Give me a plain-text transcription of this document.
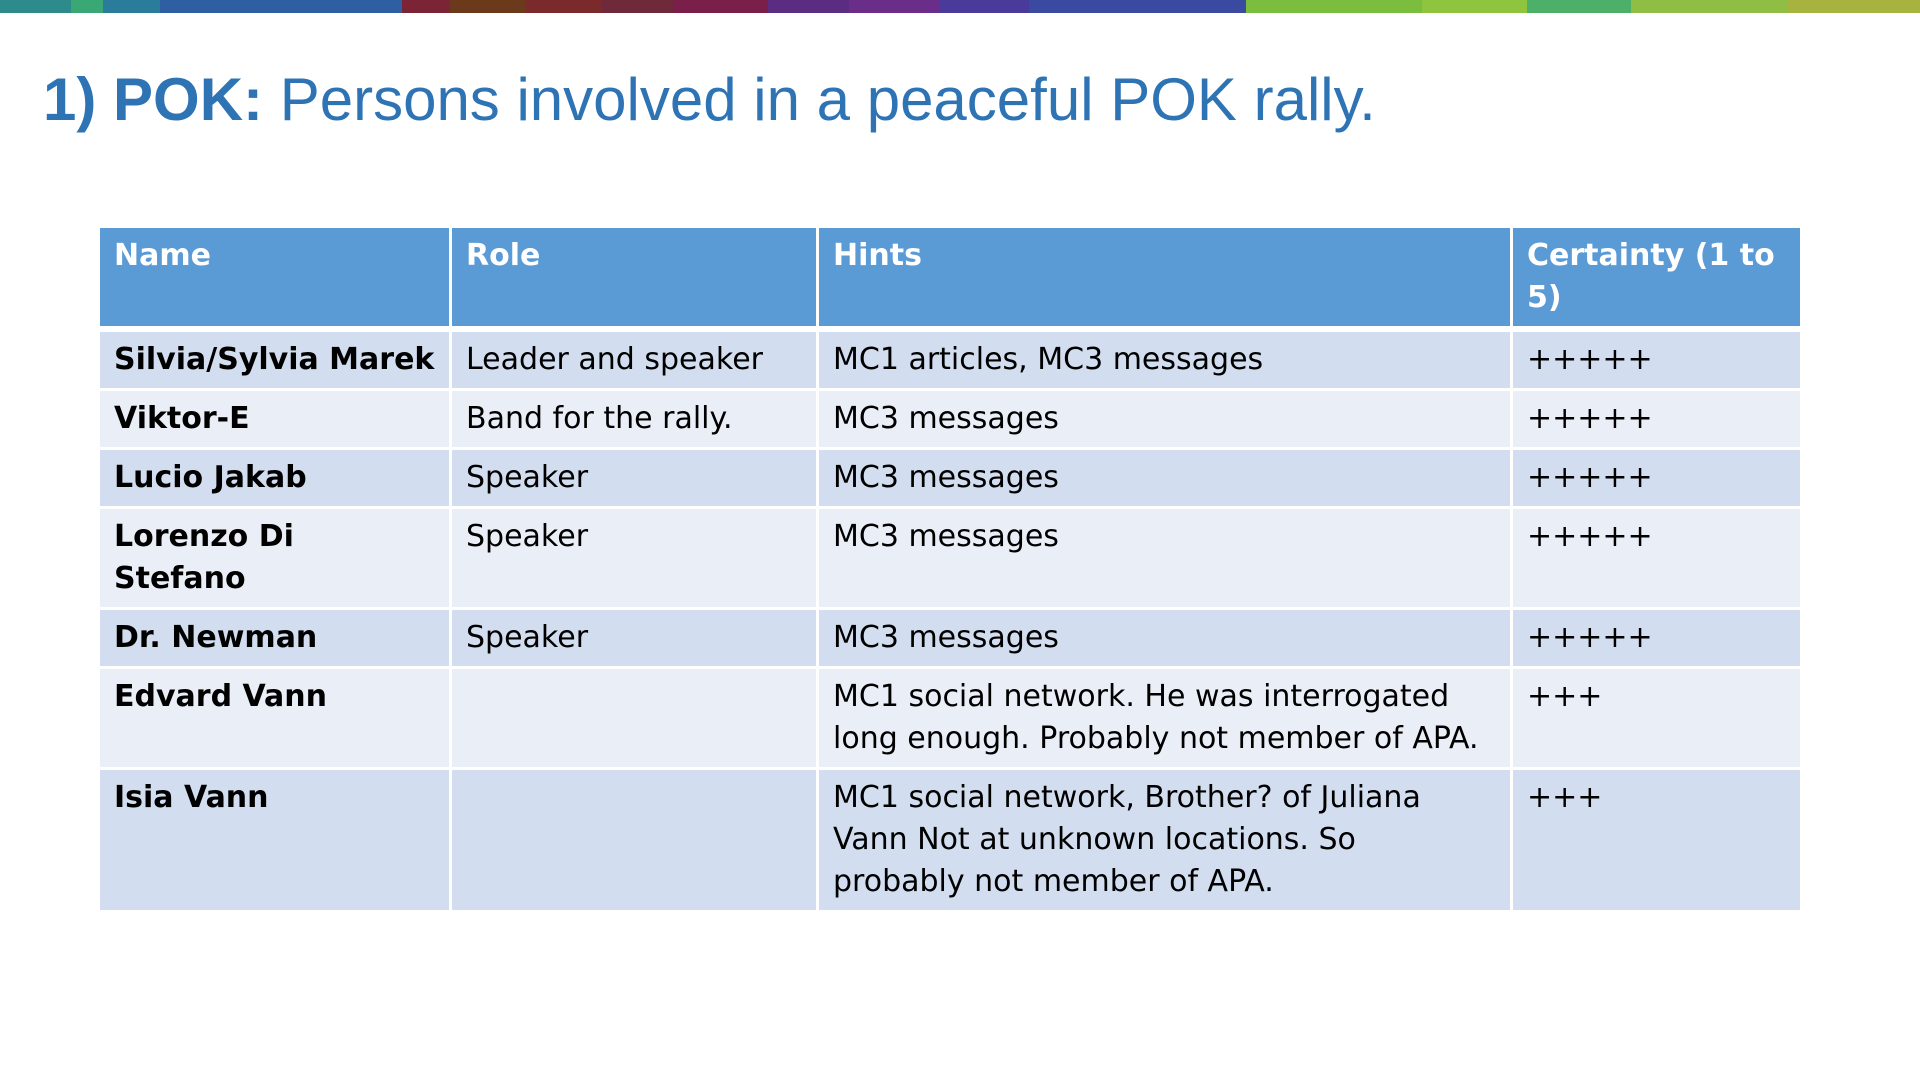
1) POK: Persons involved in a peaceful POK rally.
Name	Role	Hints	Certainty (1 to 5)
Silvia/Sylvia Marek	Leader and speaker	MC1 articles, MC3 messages	+++++
Viktor-E	Band for the rally.	MC3 messages	+++++
Lucio Jakab	Speaker	MC3 messages	+++++
Lorenzo Di Stefano	Speaker	MC3 messages	+++++
Dr. Newman	Speaker	MC3 messages	+++++
Edvard Vann		MC1 social network. He was interrogated long enough. Probably not member of APA.	+++
Isia Vann		MC1 social network, Brother? of Juliana Vann Not at unknown locations. So probably not member of APA.	+++
